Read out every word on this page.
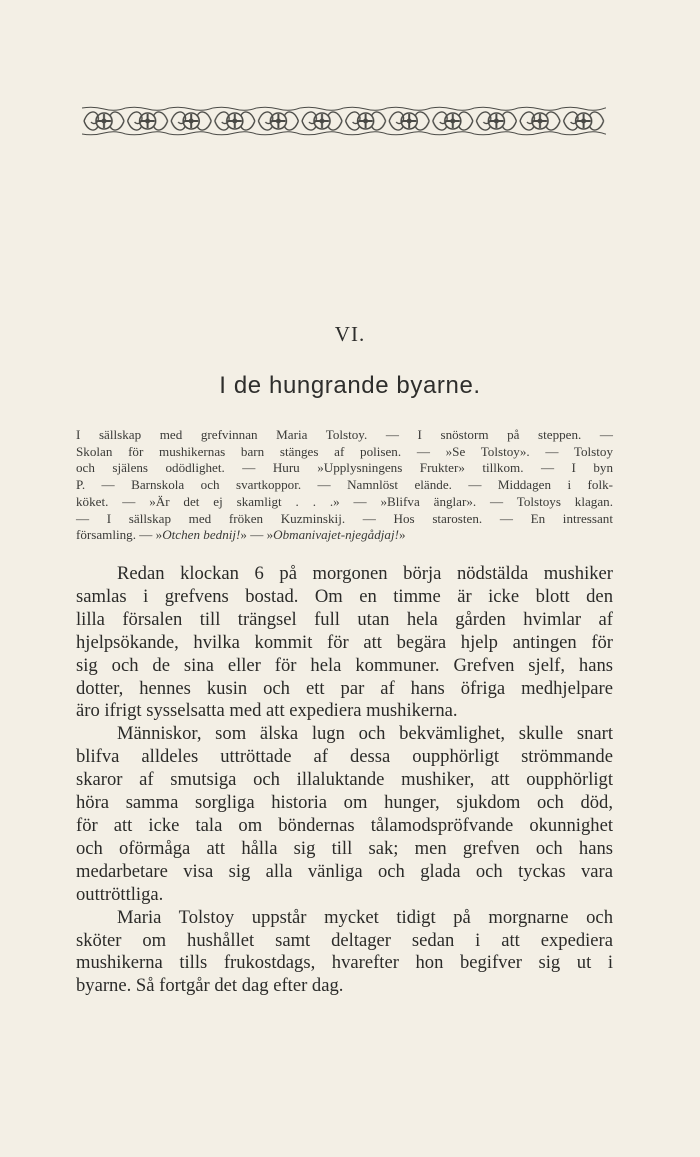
VI.
I de hungrande byarne.

I sällskap med grefvinnan Maria Tolstoy. — I snöstorm på steppen. —
Skolan för mushikernas barn stänges af polisen. — »Se Tolstoy». — Tolstoy
och själens odödlighet. — Huru »Upplysningens Frukter» tillkom. — I byn
P. — Barnskola och svartkoppor. — Namnlöst elände. — Middagen i folk-
köket. — »Är det ej skamligt . . .» — »Blifva änglar». — Tolstoys klagan.
— I sällskap med fröken Kuzminskij. — Hos starosten. — En intressant
församling. — »Otchen bednij!» — »Obmanivajet-njegådjaj!»

Redan klockan 6 på morgonen börja nödstälda mushiker
samlas i grefvens bostad. Om en timme är icke blott den
lilla försalen till trängsel full utan hela gården hvimlar af
hjelpsökande, hvilka kommit för att begära hjelp antingen för
sig och de sina eller för hela kommuner. Grefven sjelf, hans
dotter, hennes kusin och ett par af hans öfriga medhjelpare
äro ifrigt sysselsatta med att expediera mushikerna.
Människor, som älska lugn och bekvämlighet, skulle snart
blifva alldeles uttröttade af dessa oupphörligt strömmande
skaror af smutsiga och illaluktande mushiker, att oupphörligt
höra samma sorgliga historia om hunger, sjukdom och död,
för att icke tala om böndernas tålamodspröfvande okunnighet
och oförmåga att hålla sig till sak; men grefven och hans
medarbetare visa sig alla vänliga och glada och tyckas vara
outtröttliga.
Maria Tolstoy uppstår mycket tidigt på morgnarne och
sköter om hushållet samt deltager sedan i att expediera
mushikerna tills frukostdags, hvarefter hon begifver sig ut i
byarne. Så fortgår det dag efter dag.
